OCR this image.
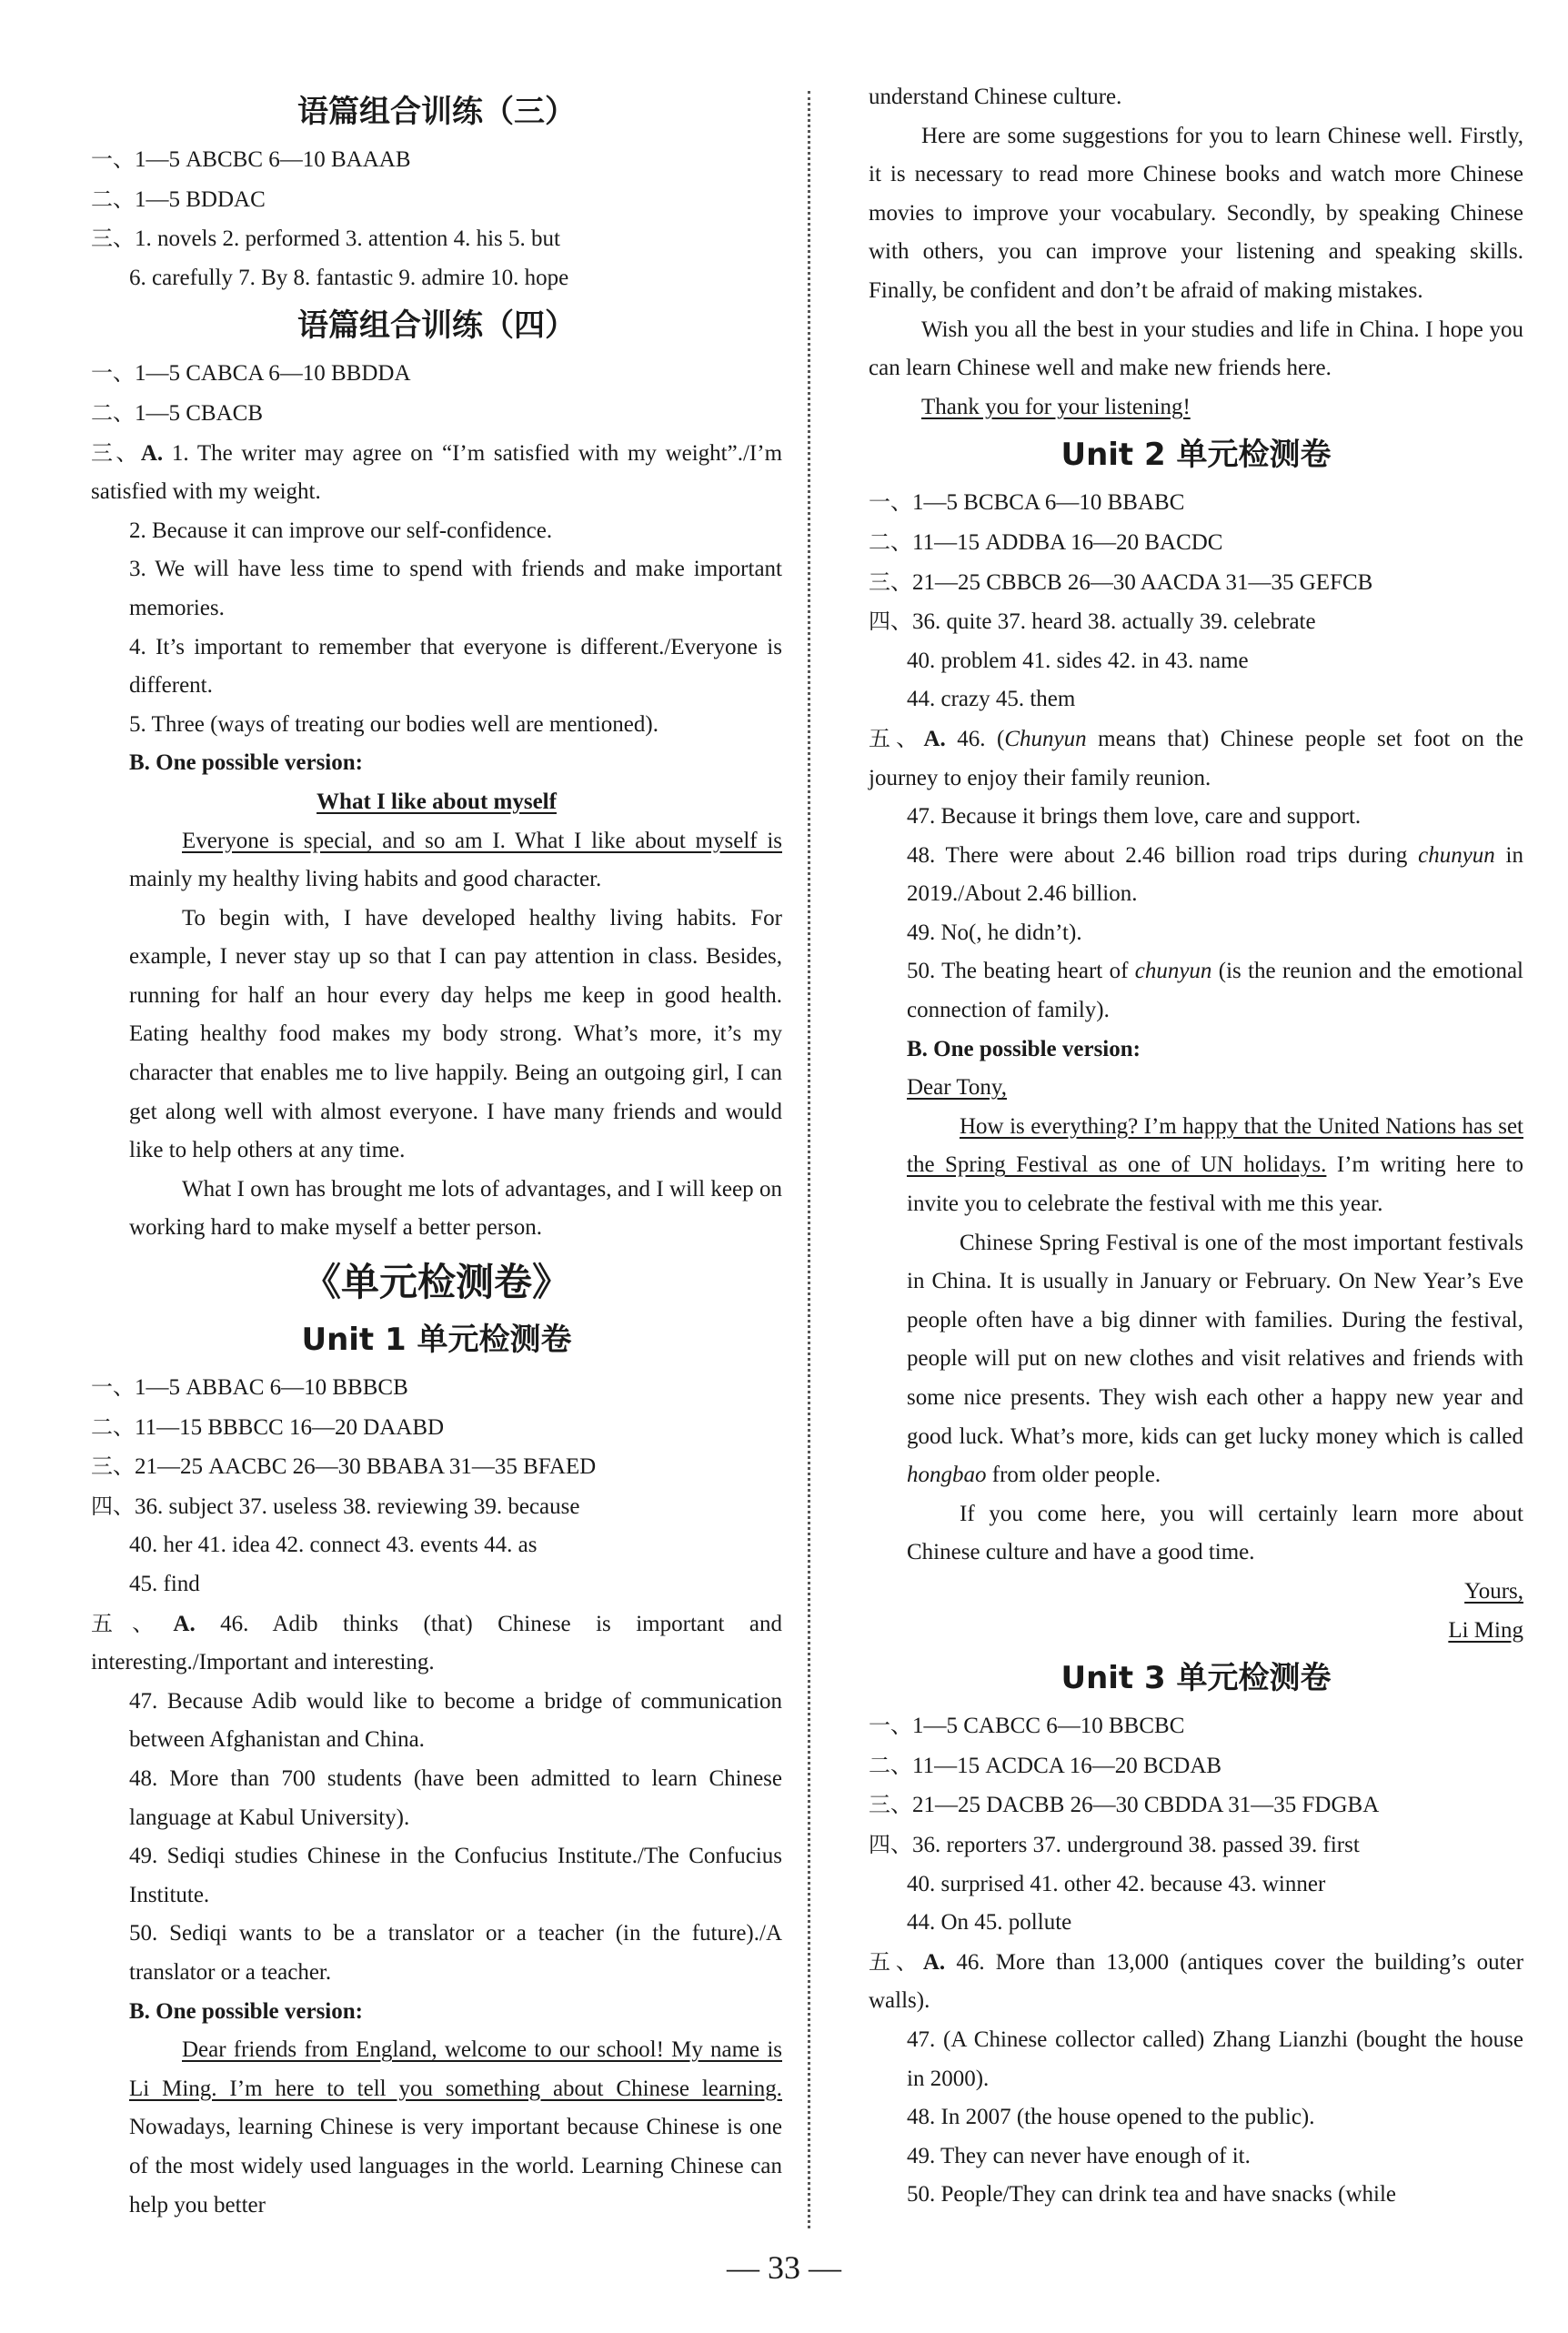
语篇组合训练（三）
一、1—5 ABCBC 6—10 BAAAB
二、1—5 BDDAC
三、1. novels 2. performed 3. attention 4. his 5. but
6. carefully 7. By 8. fantastic 9. admire 10. hope
语篇组合训练（四）
一、1—5 CABCA 6—10 BBDDA
二、1—5 CBACB
三、A. 1. The writer may agree on “I’m satisfied with my weight”./I’m satisfied with my weight.
2. Because it can improve our self-confidence.
3. We will have less time to spend with friends and make important memories.
4. It’s important to remember that everyone is different./Everyone is different.
5. Three (ways of treating our bodies well are mentioned).
B. One possible version:
What I like about myself
Everyone is special, and so am I. What I like about myself is mainly my healthy living habits and good character.
To begin with, I have developed healthy living habits. For example, I never stay up so that I can pay attention in class. Besides, running for half an hour every day helps me keep in good health. Eating healthy food makes my body strong. What’s more, it’s my character that enables me to live happily. Being an outgoing girl, I can get along well with almost everyone. I have many friends and would like to help others at any time.
What I own has brought me lots of advantages, and I will keep on working hard to make myself a better person.
《单元检测卷》
Unit 1 单元检测卷
一、1—5 ABBAC 6—10 BBBCB
二、11—15 BBBCC 16—20 DAABD
三、21—25 AACBC 26—30 BBABA 31—35 BFAED
四、36. subject 37. useless 38. reviewing 39. because
40. her 41. idea 42. connect 43. events 44. as
45. find
五、A. 46. Adib thinks (that) Chinese is important and interesting./Important and interesting.
47. Because Adib would like to become a bridge of communication between Afghanistan and China.
48. More than 700 students (have been admitted to learn Chinese language at Kabul University).
49. Sediqi studies Chinese in the Confucius Institute./The Confucius Institute.
50. Sediqi wants to be a translator or a teacher (in the future)./A translator or a teacher.
B. One possible version:
Dear friends from England, welcome to our school! My name is Li Ming. I’m here to tell you something about Chinese learning. Nowadays, learning Chinese is very important because Chinese is one of the most widely used languages in the world. Learning Chinese can help you better
understand Chinese culture.
Here are some suggestions for you to learn Chinese well. Firstly, it is necessary to read more Chinese books and watch more Chinese movies to improve your vocabulary. Secondly, by speaking Chinese with others, you can improve your listening and speaking skills. Finally, be confident and don’t be afraid of making mistakes.
Wish you all the best in your studies and life in China. I hope you can learn Chinese well and make new friends here.
Thank you for your listening!
Unit 2 单元检测卷
一、1—5 BCBCA 6—10 BBABC
二、11—15 ADDBA 16—20 BACDC
三、21—25 CBBCB 26—30 AACDA 31—35 GEFCB
四、36. quite 37. heard 38. actually 39. celebrate
40. problem 41. sides 42. in 43. name
44. crazy 45. them
五、A. 46. (Chunyun means that) Chinese people set foot on the journey to enjoy their family reunion.
47. Because it brings them love, care and support.
48. There were about 2.46 billion road trips during chunyun in 2019./About 2.46 billion.
49. No(, he didn’t).
50. The beating heart of chunyun (is the reunion and the emotional connection of family).
B. One possible version:
Dear Tony,
How is everything? I’m happy that the United Nations has set the Spring Festival as one of UN holidays. I’m writing here to invite you to celebrate the festival with me this year.
Chinese Spring Festival is one of the most important festivals in China. It is usually in January or February. On New Year’s Eve people often have a big dinner with families. During the festival, people will put on new clothes and visit relatives and friends with some nice presents. They wish each other a happy new year and good luck. What’s more, kids can get lucky money which is called hongbao from older people.
If you come here, you will certainly learn more about Chinese culture and have a good time.
Yours,
Li Ming
Unit 3 单元检测卷
一、1—5 CABCC 6—10 BBCBC
二、11—15 ACDCA 16—20 BCDAB
三、21—25 DACBB 26—30 CBDDA 31—35 FDGBA
四、36. reporters 37. underground 38. passed 39. first
40. surprised 41. other 42. because 43. winner
44. On 45. pollute
五、A. 46. More than 13,000 (antiques cover the building’s outer walls).
47. (A Chinese collector called) Zhang Lianzhi (bought the house in 2000).
48. In 2007 (the house opened to the public).
49. They can never have enough of it.
50. People/They can drink tea and have snacks (while
— 33 —
